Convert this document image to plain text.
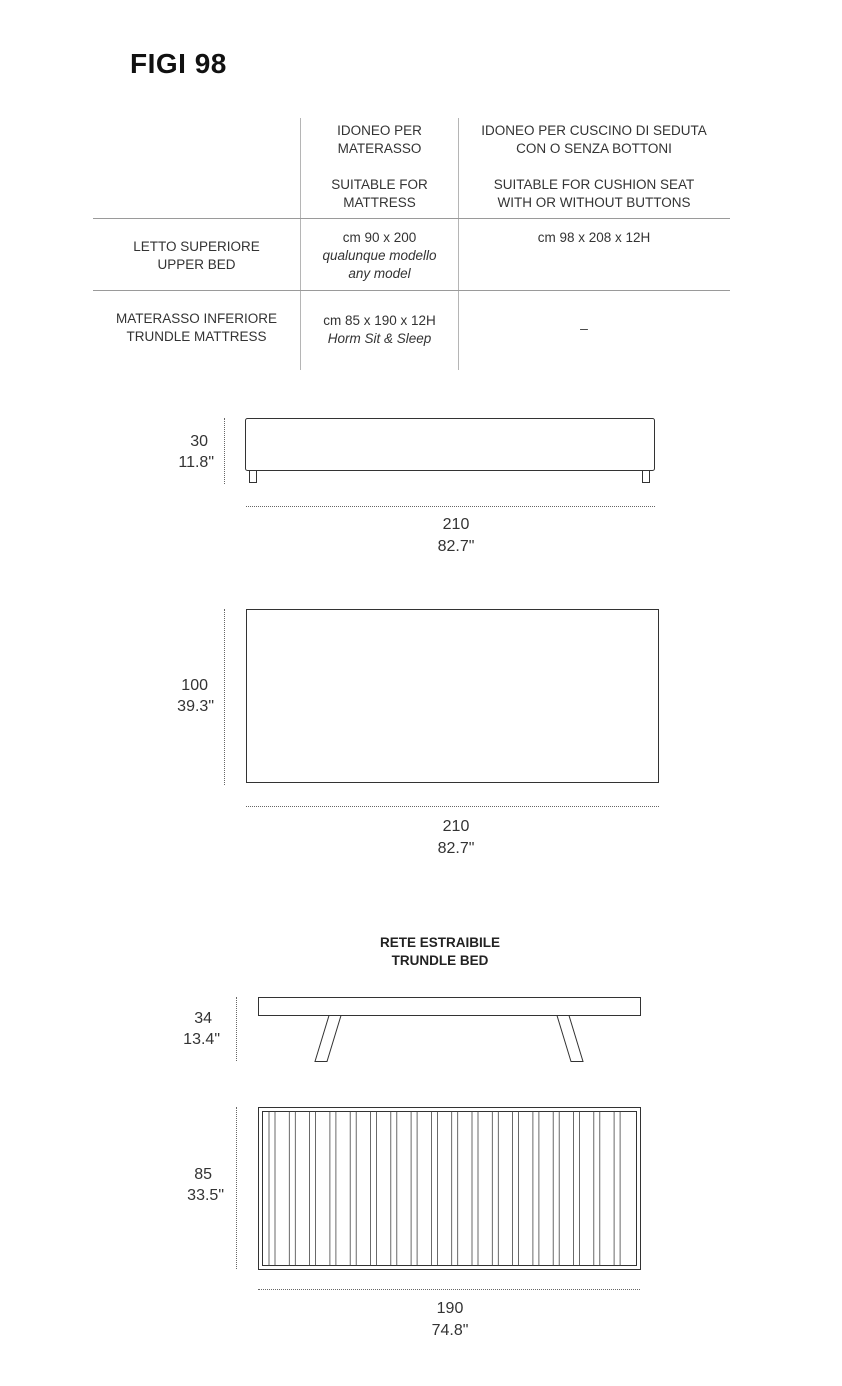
FIGI 98
IDONEO PER
MATERASSO
SUITABLE FOR
MATTRESS
IDONEO PER CUSCINO DI SEDUTA
CON O SENZA BOTTONI
SUITABLE FOR CUSHION SEAT
WITH OR WITHOUT BUTTONS
LETTO SUPERIORE
UPPER BED
cm 90 x 200
qualunque modello
any model
cm 98 x 208 x 12H
MATERASSO INFERIORE
TRUNDLE MATTRESS
cm 85 x 190 x 12H
Horm Sit & Sleep
_
30
11.8"
210
82.7"
100
39.3"
210
82.7"
RETE ESTRAIBILE
TRUNDLE BED
34
13.4"
85
33.5"
190
74.8"
